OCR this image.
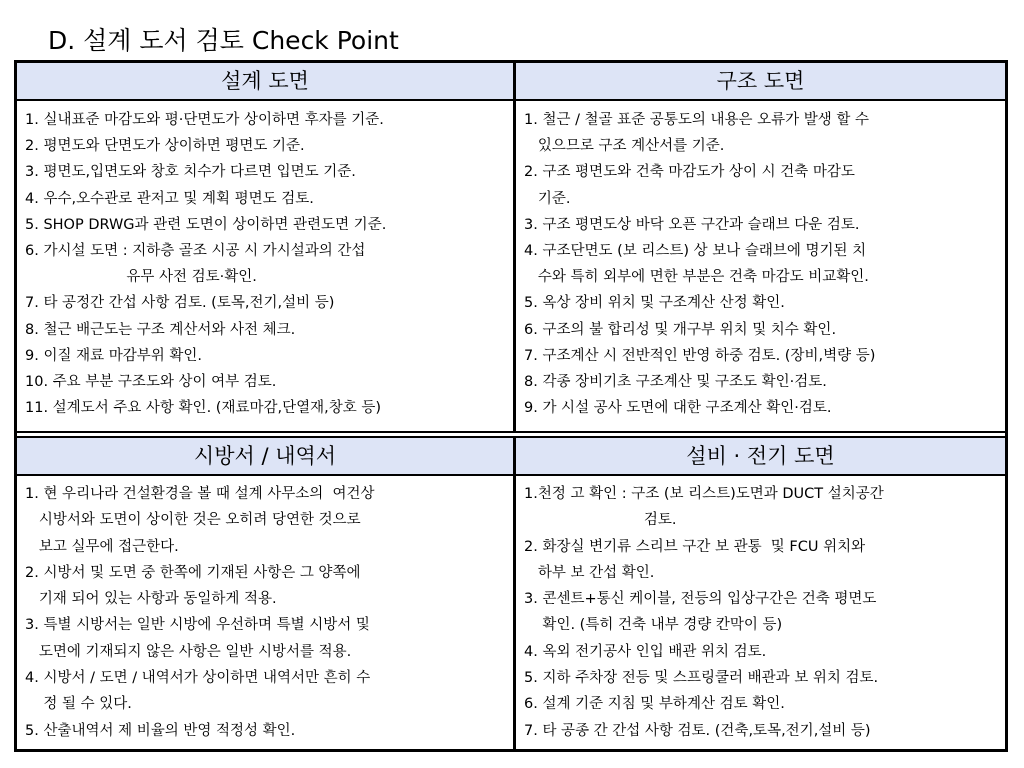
D. 설계 도서 검토 Check Point
설계 도면
1. 실내표준 마감도와 평·단면도가 상이하면 후자를 기준.
2. 평면도와 단면도가 상이하면 평면도 기준.
3. 평면도,입면도와 창호 치수가 다르면 입면도 기준.
4. 우수,오수관로 관저고 및 계획 평면도 검토.
5. SHOP DRWG과 관련 도면이 상이하면 관련도면 기준.
6. 가시설 도면 : 지하층 골조 시공 시 가시설과의 간섭
유무 사전 검토·확인.
7. 타 공정간 간섭 사항 검토. (토목,전기,설비 등)
8. 철근 배근도는 구조 계산서와 사전 체크.
9. 이질 재료 마감부위 확인.
10. 주요 부분 구조도와 상이 여부 검토.
11. 설계도서 주요 사항 확인. (재료마감,단열재,창호 등)
구조 도면
1. 철근 / 철골 표준 공통도의 내용은 오류가 발생 할 수
있으므로 구조 계산서를 기준.
2. 구조 평면도와 건축 마감도가 상이 시 건축 마감도
기준.
3. 구조 평면도상 바닥 오픈 구간과 슬래브 다운 검토.
4. 구조단면도 (보 리스트) 상 보나 슬래브에 명기된 치
수와 특히 외부에 면한 부분은 건축 마감도 비교확인.
5. 옥상 장비 위치 및 구조계산 산정 확인.
6. 구조의 불 합리성 및 개구부 위치 및 치수 확인.
7. 구조계산 시 전반적인 반영 하중 검토. (장비,벽량 등)
8. 각종 장비기초 구조계산 및 구조도 확인·검토.
9. 가 시설 공사 도면에 대한 구조계산 확인·검토.
시방서 / 내역서
1. 현 우리나라 건설환경을 볼 때 설계 사무소의  여건상
시방서와 도면이 상이한 것은 오히려 당연한 것으로
보고 실무에 접근한다.
2. 시방서 및 도면 중 한쪽에 기재된 사항은 그 양쪽에
기재 되어 있는 사항과 동일하게 적용.
3. 특별 시방서는 일반 시방에 우선하며 특별 시방서 및
도면에 기재되지 않은 사항은 일반 시방서를 적용.
4. 시방서 / 도면 / 내역서가 상이하면 내역서만 흔히 수
정 될 수 있다.
5. 산출내역서 제 비율의 반영 적정성 확인.
설비 · 전기 도면
1.천정 고 확인 : 구조 (보 리스트)도면과 DUCT 설치공간
검토.
2. 화장실 변기류 스리브 구간 보 관통  및 FCU 위치와
하부 보 간섭 확인.
3. 콘센트+통신 케이블, 전등의 입상구간은 건축 평면도
확인. (특히 건축 내부 경량 칸막이 등)
4. 옥외 전기공사 인입 배관 위치 검토.
5. 지하 주차장 전등 및 스프링쿨러 배관과 보 위치 검토.
6. 설계 기준 지침 및 부하계산 검토 확인.
7. 타 공종 간 간섭 사항 검토. (건축,토목,전기,설비 등)
